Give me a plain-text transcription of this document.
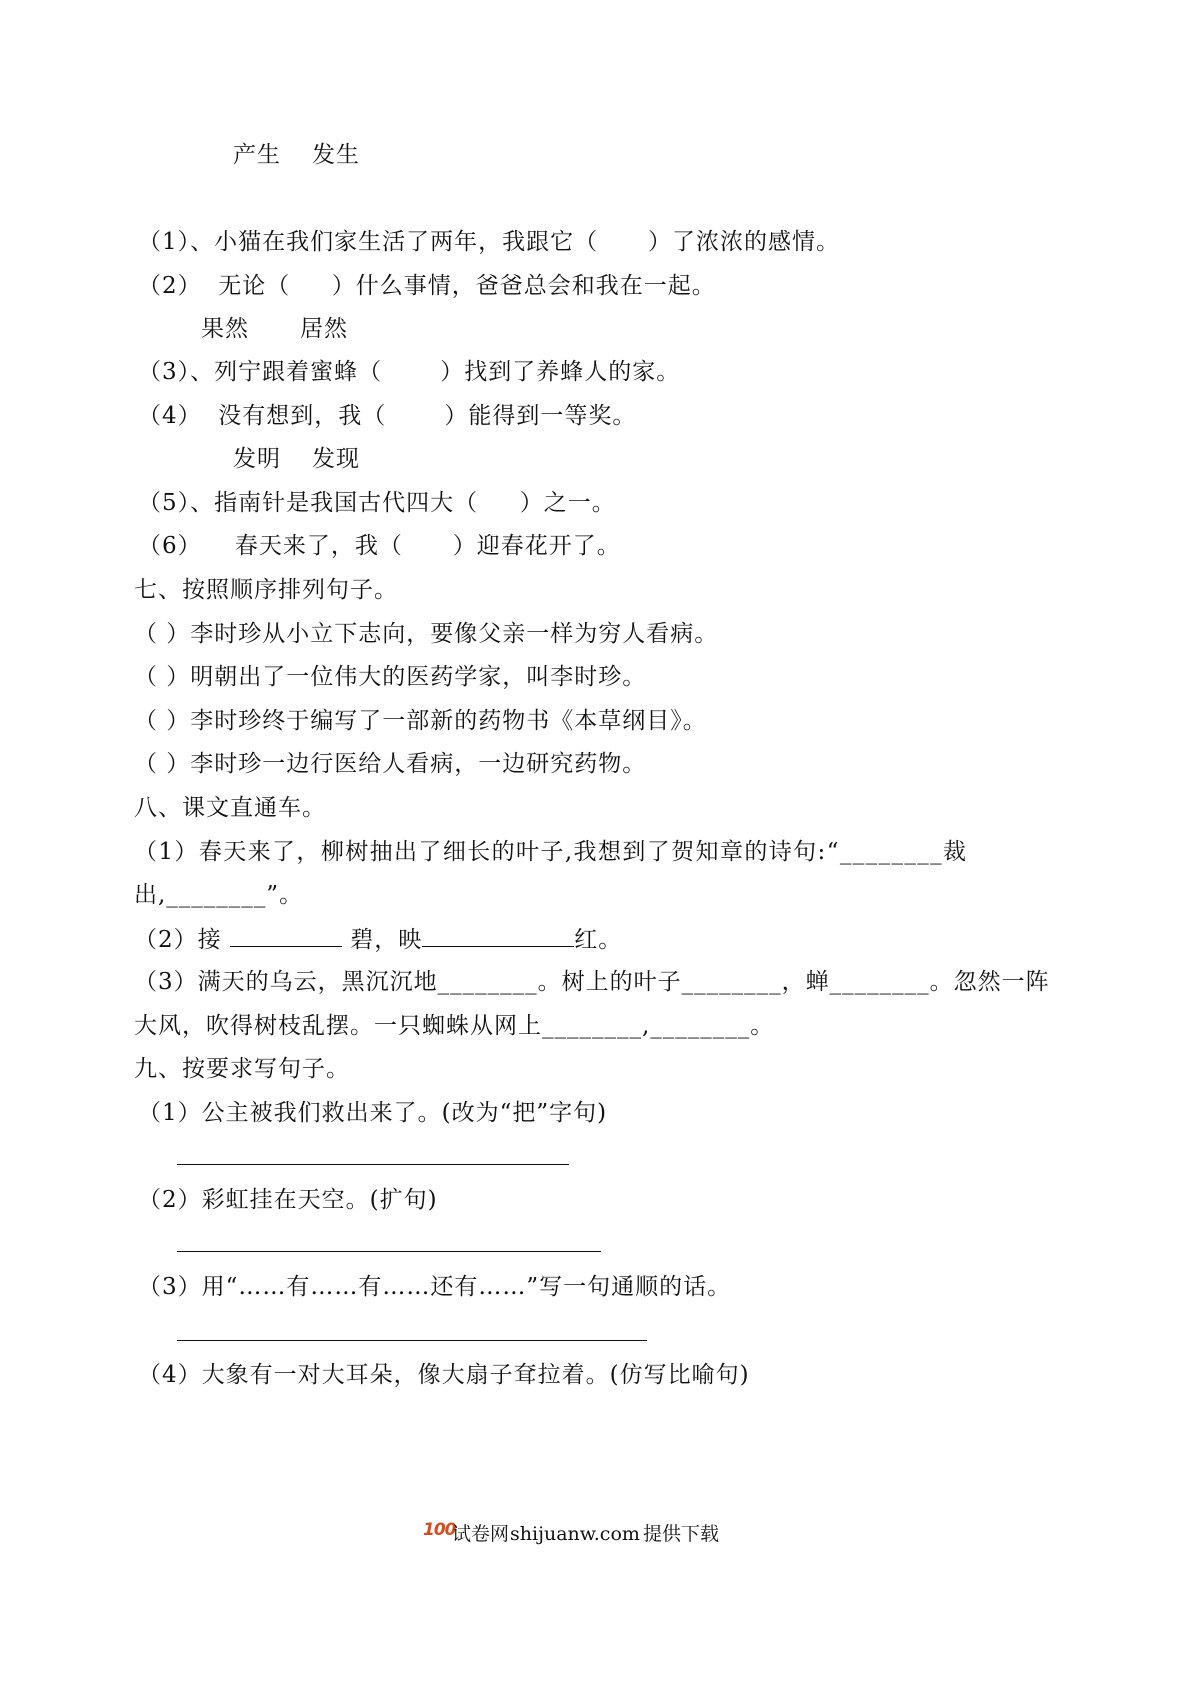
产生 发生
（1）、小猫在我们家生活了两年，我跟它（      ）了浓浓的感情。
（2）  无论（     ）什么事情，爸爸总会和我在一起。
果然 居然
（3）、列宁跟着蜜蜂（       ）找到了养蜂人的家。
（4）  没有想到，我（       ）能得到一等奖。
发明 发现
（5）、指南针是我国古代四大（     ）之一。
（6）    春天来了，我（      ）迎春花开了。
七、按照顺序排列句子。
（ ）李时珍从小立下志向，要像父亲一样为穷人看病。
（ ）明朝出了一位伟大的医药学家，叫李时珍。
（ ）李时珍终于编写了一部新的药物书《本草纲目》。
（ ）李时珍一边行医给人看病，一边研究药物。
八、课文直通车。
（1）春天来了，柳树抽出了细长的叶子,我想到了贺知章的诗句:“________裁
出,________”。
（2）接	碧，映	红。
（3）满天的乌云，黑沉沉地________。树上的叶子________，蝉________。忽然一阵
大风，吹得树枝乱摆。一只蜘蛛从网上________,________。
九、按要求写句子。
（1）公主被我们救出来了。(改为“把”字句)
（2）彩虹挂在天空。(扩句)
（3）用“……有……有……还有……”写一句通顺的话。
（4）大象有一对大耳朵，像大扇子耷拉着。(仿写比喻句)
100
试卷网 shijuanw.com 提供下载
